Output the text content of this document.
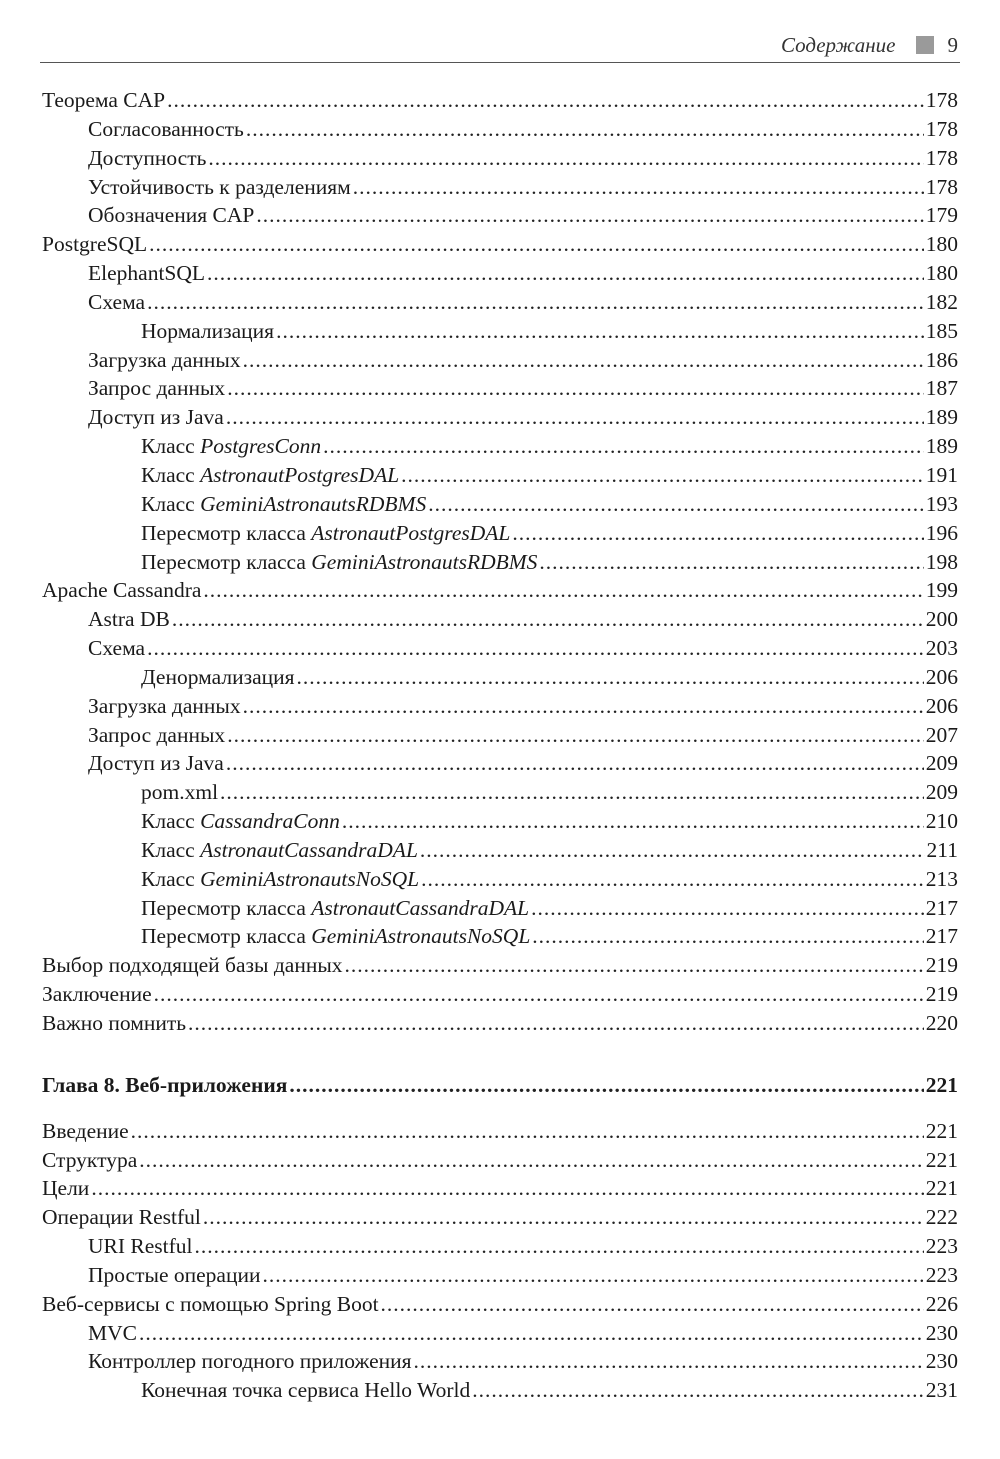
Содержание 9
Теорема CAP .....	178
Согласованность .....	178
Доступность .....	178
Устойчивость к разделениям .....	178
Обозначения CAP .....	179
PostgreSQL .....	180
ElephantSQL .....	180
Схема .....	182
Нормализация .....	185
Загрузка данных .....	186
Запрос данных .....	187
Доступ из Java .....	189
Класс PostgresConn .....	189
Класс AstronautPostgresDAL .....	191
Класс GeminiAstronautsRDBMS .....	193
Пересмотр класса AstronautPostgresDAL .....	196
Пересмотр класса GeminiAstronautsRDBMS .....	198
Apache Cassandra .....	199
Astra DB .....	200
Схема .....	203
Денормализация .....	206
Загрузка данных .....	206
Запрос данных .....	207
Доступ из Java .....	209
pom.xml .....	209
Класс CassandraConn .....	210
Класс AstronautCassandraDAL .....	211
Класс GeminiAstronautsNoSQL .....	213
Пересмотр класса AstronautCassandraDAL .....	217
Пересмотр класса GeminiAstronautsNoSQL .....	217
Выбор подходящей базы данных .....	219
Заключение .....	219
Важно помнить .....	220
Глава 8. Веб-приложения .....	221
Введение .....	221
Структура .....	221
Цели .....	221
Операции Restful .....	222
URI Restful .....	223
Простые операции .....	223
Веб-сервисы с помощью Spring Boot .....	226
MVC .....	230
Контроллер погодного приложения .....	230
Конечная точка сервиса Hello World .....	231
